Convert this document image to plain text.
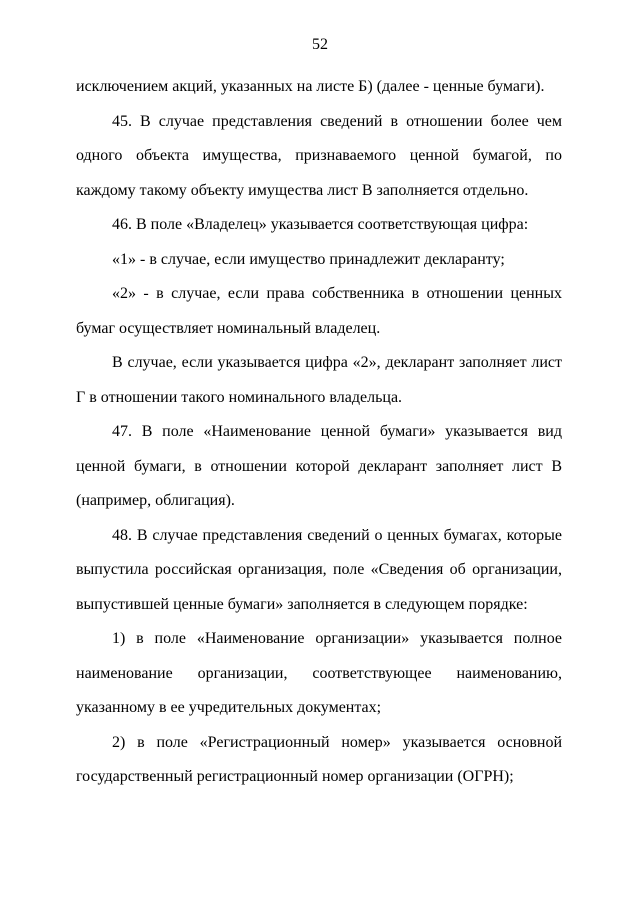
52

исключением акций, указанных на листе Б) (далее - ценные бумаги).

45. В случае представления сведений в отношении более чем одного объекта имущества, признаваемого ценной бумагой, по каждому такому объекту имущества лист В заполняется отдельно.

46. В поле «Владелец» указывается соответствующая цифра:

«1» - в случае, если имущество принадлежит декларанту;

«2» - в случае, если права собственника в отношении ценных бумаг осуществляет номинальный владелец.

В случае, если указывается цифра «2», декларант заполняет лист Г в отношении такого номинального владельца.

47. В поле «Наименование ценной бумаги» указывается вид ценной бумаги, в отношении которой декларант заполняет лист В (например, облигация).

48. В случае представления сведений о ценных бумагах, которые выпустила российская организация, поле «Сведения об организации, выпустившей ценные бумаги» заполняется в следующем порядке:

1) в поле «Наименование организации» указывается полное наименование организации, соответствующее наименованию, указанному в ее учредительных документах;

2) в поле «Регистрационный номер» указывается основной государственный регистрационный номер организации (ОГРН);
